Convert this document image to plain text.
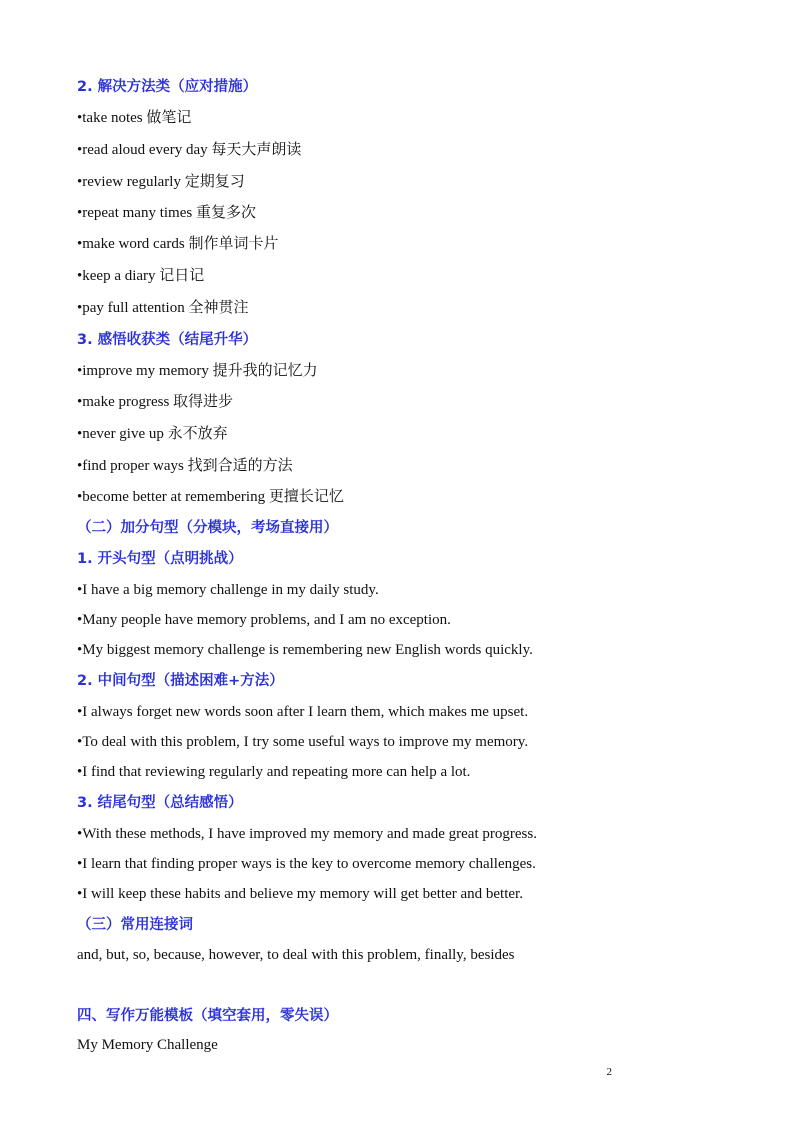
2. 解决方法类（应对措施）
•take notes 做笔记
•read aloud every day 每天大声朗读
•review regularly 定期复习
•repeat many times 重复多次
•make word cards 制作单词卡片
•keep a diary 记日记
•pay full attention 全神贯注
3. 感悟收获类（结尾升华）
•improve my memory 提升我的记忆力
•make progress 取得进步
•never give up 永不放弃
•find proper ways 找到合适的方法
•become better at remembering 更擅长记忆
（二）加分句型（分模块，考场直接用）
1. 开头句型（点明挑战）
•I have a big memory challenge in my daily study.
•Many people have memory problems, and I am no exception.
•My biggest memory challenge is remembering new English words quickly.
2. 中间句型（描述困难+方法）
•I always forget new words soon after I learn them, which makes me upset.
•To deal with this problem, I try some useful ways to improve my memory.
•I find that reviewing regularly and repeating more can help a lot.
3. 结尾句型（总结感悟）
•With these methods, I have improved my memory and made great progress.
•I learn that finding proper ways is the key to overcome memory challenges.
•I will keep these habits and believe my memory will get better and better.
（三）常用连接词
and, but, so, because, however, to deal with this problem, finally, besides
四、写作万能模板（填空套用，零失误）
My Memory Challenge
2
